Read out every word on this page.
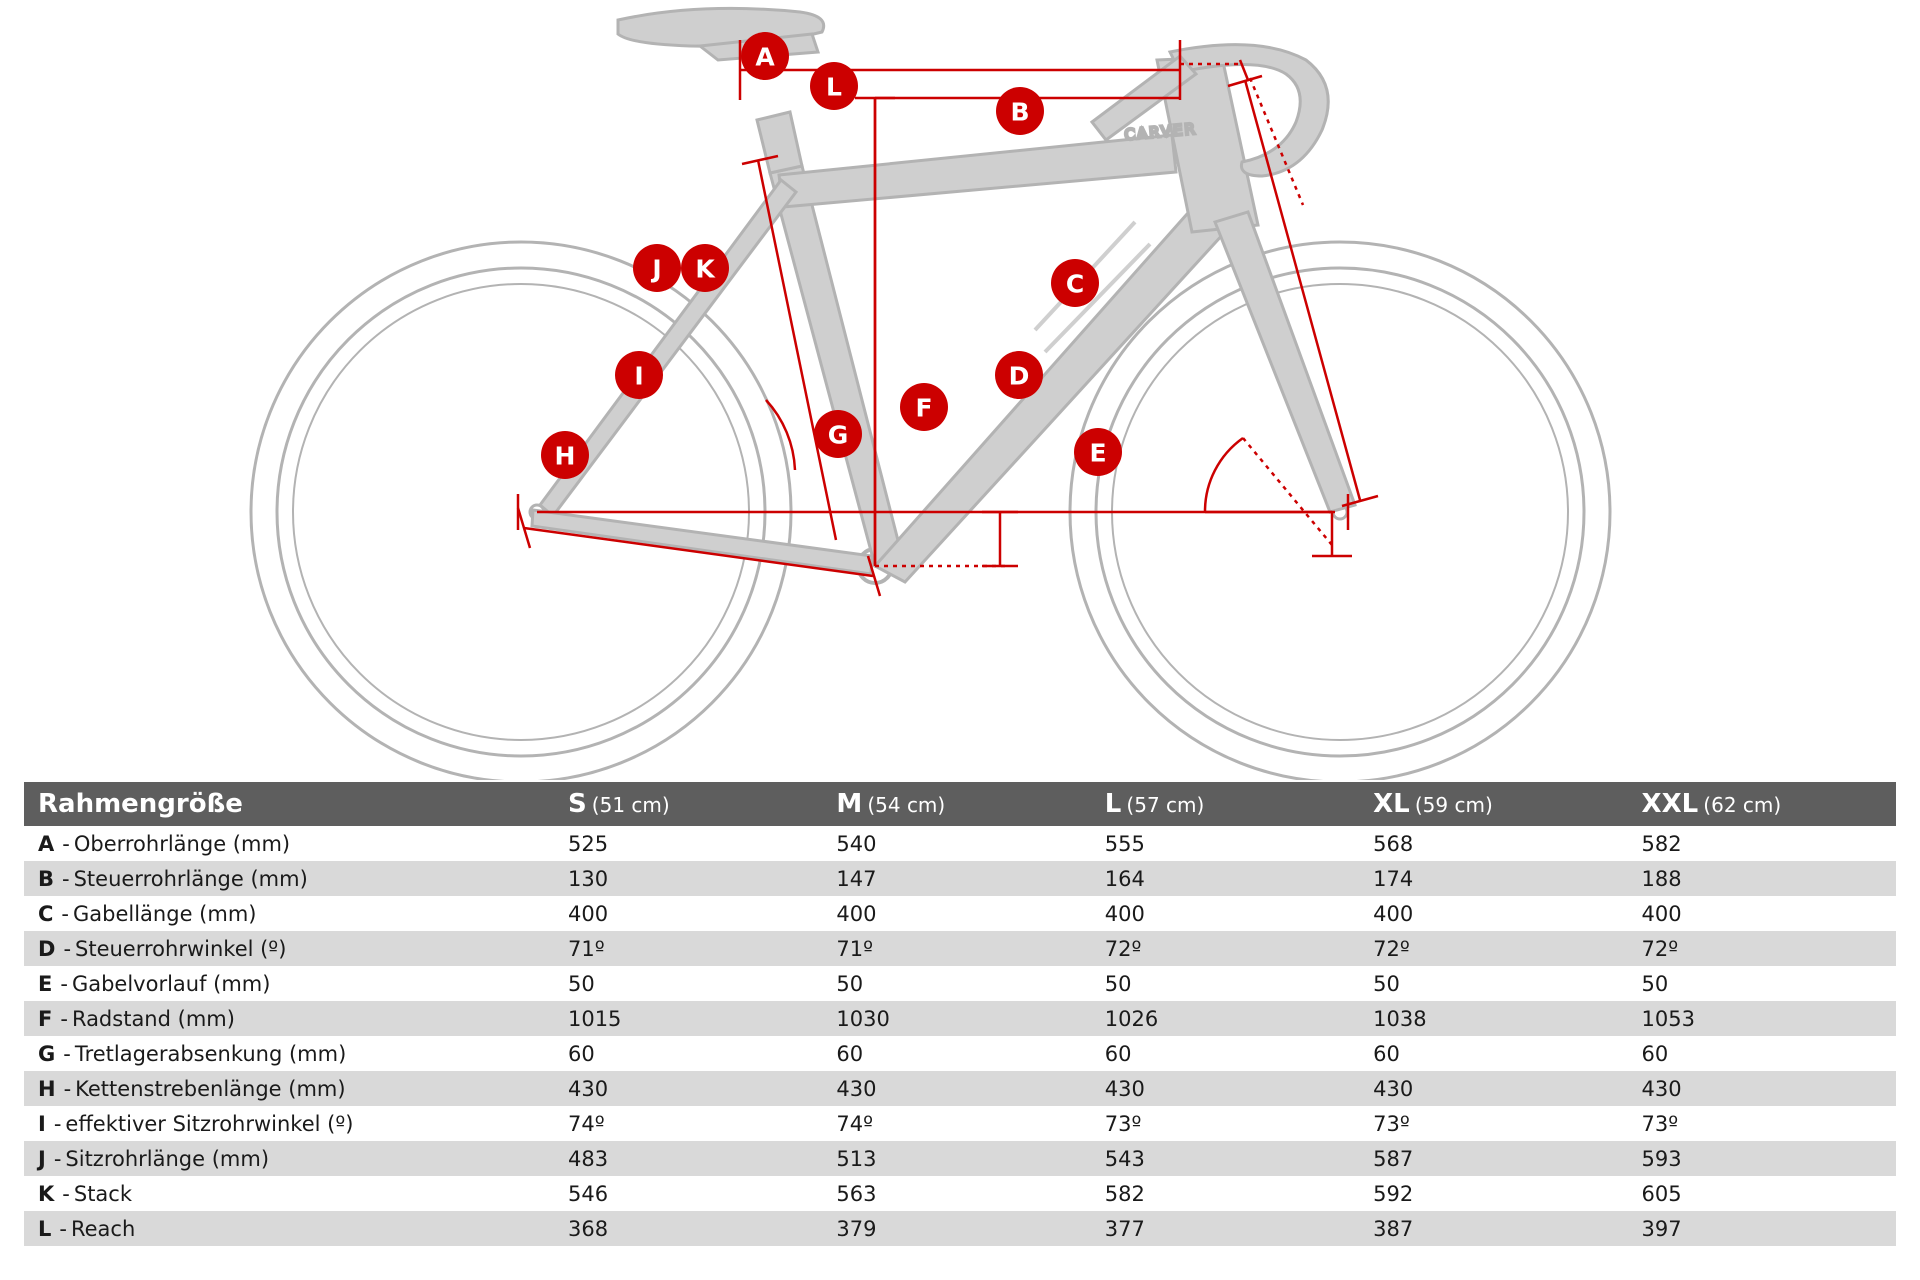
CARVER
A
L
B
J K
C
I	D
F
G
H	E
Rahmengröße	S (51 cm)	M (54 cm)	L (57 cm)	XL (59 cm)	XXL (62 cm)
A - Oberrohrlänge (mm)	525	540	555	568	582
B - Steuerrohrlänge (mm)	130	147	164	174	188
C - Gabellänge (mm)	400	400	400	400	400
D - Steuerrohrwinkel (º)	71º	71º	72º	72º	72º
E - Gabelvorlauf (mm)	50	50	50	50	50
F - Radstand (mm)	1015	1030	1026	1038	1053
G - Tretlagerabsenkung (mm)	60	60	60	60	60
H - Kettenstrebenlänge (mm)	430	430	430	430	430
I - effektiver Sitzrohrwinkel (º)	74º	74º	73º	73º	73º
J - Sitzrohrlänge (mm)	483	513	543	587	593
K - Stack	546	563	582	592	605
L - Reach	368	379	377	387	397
